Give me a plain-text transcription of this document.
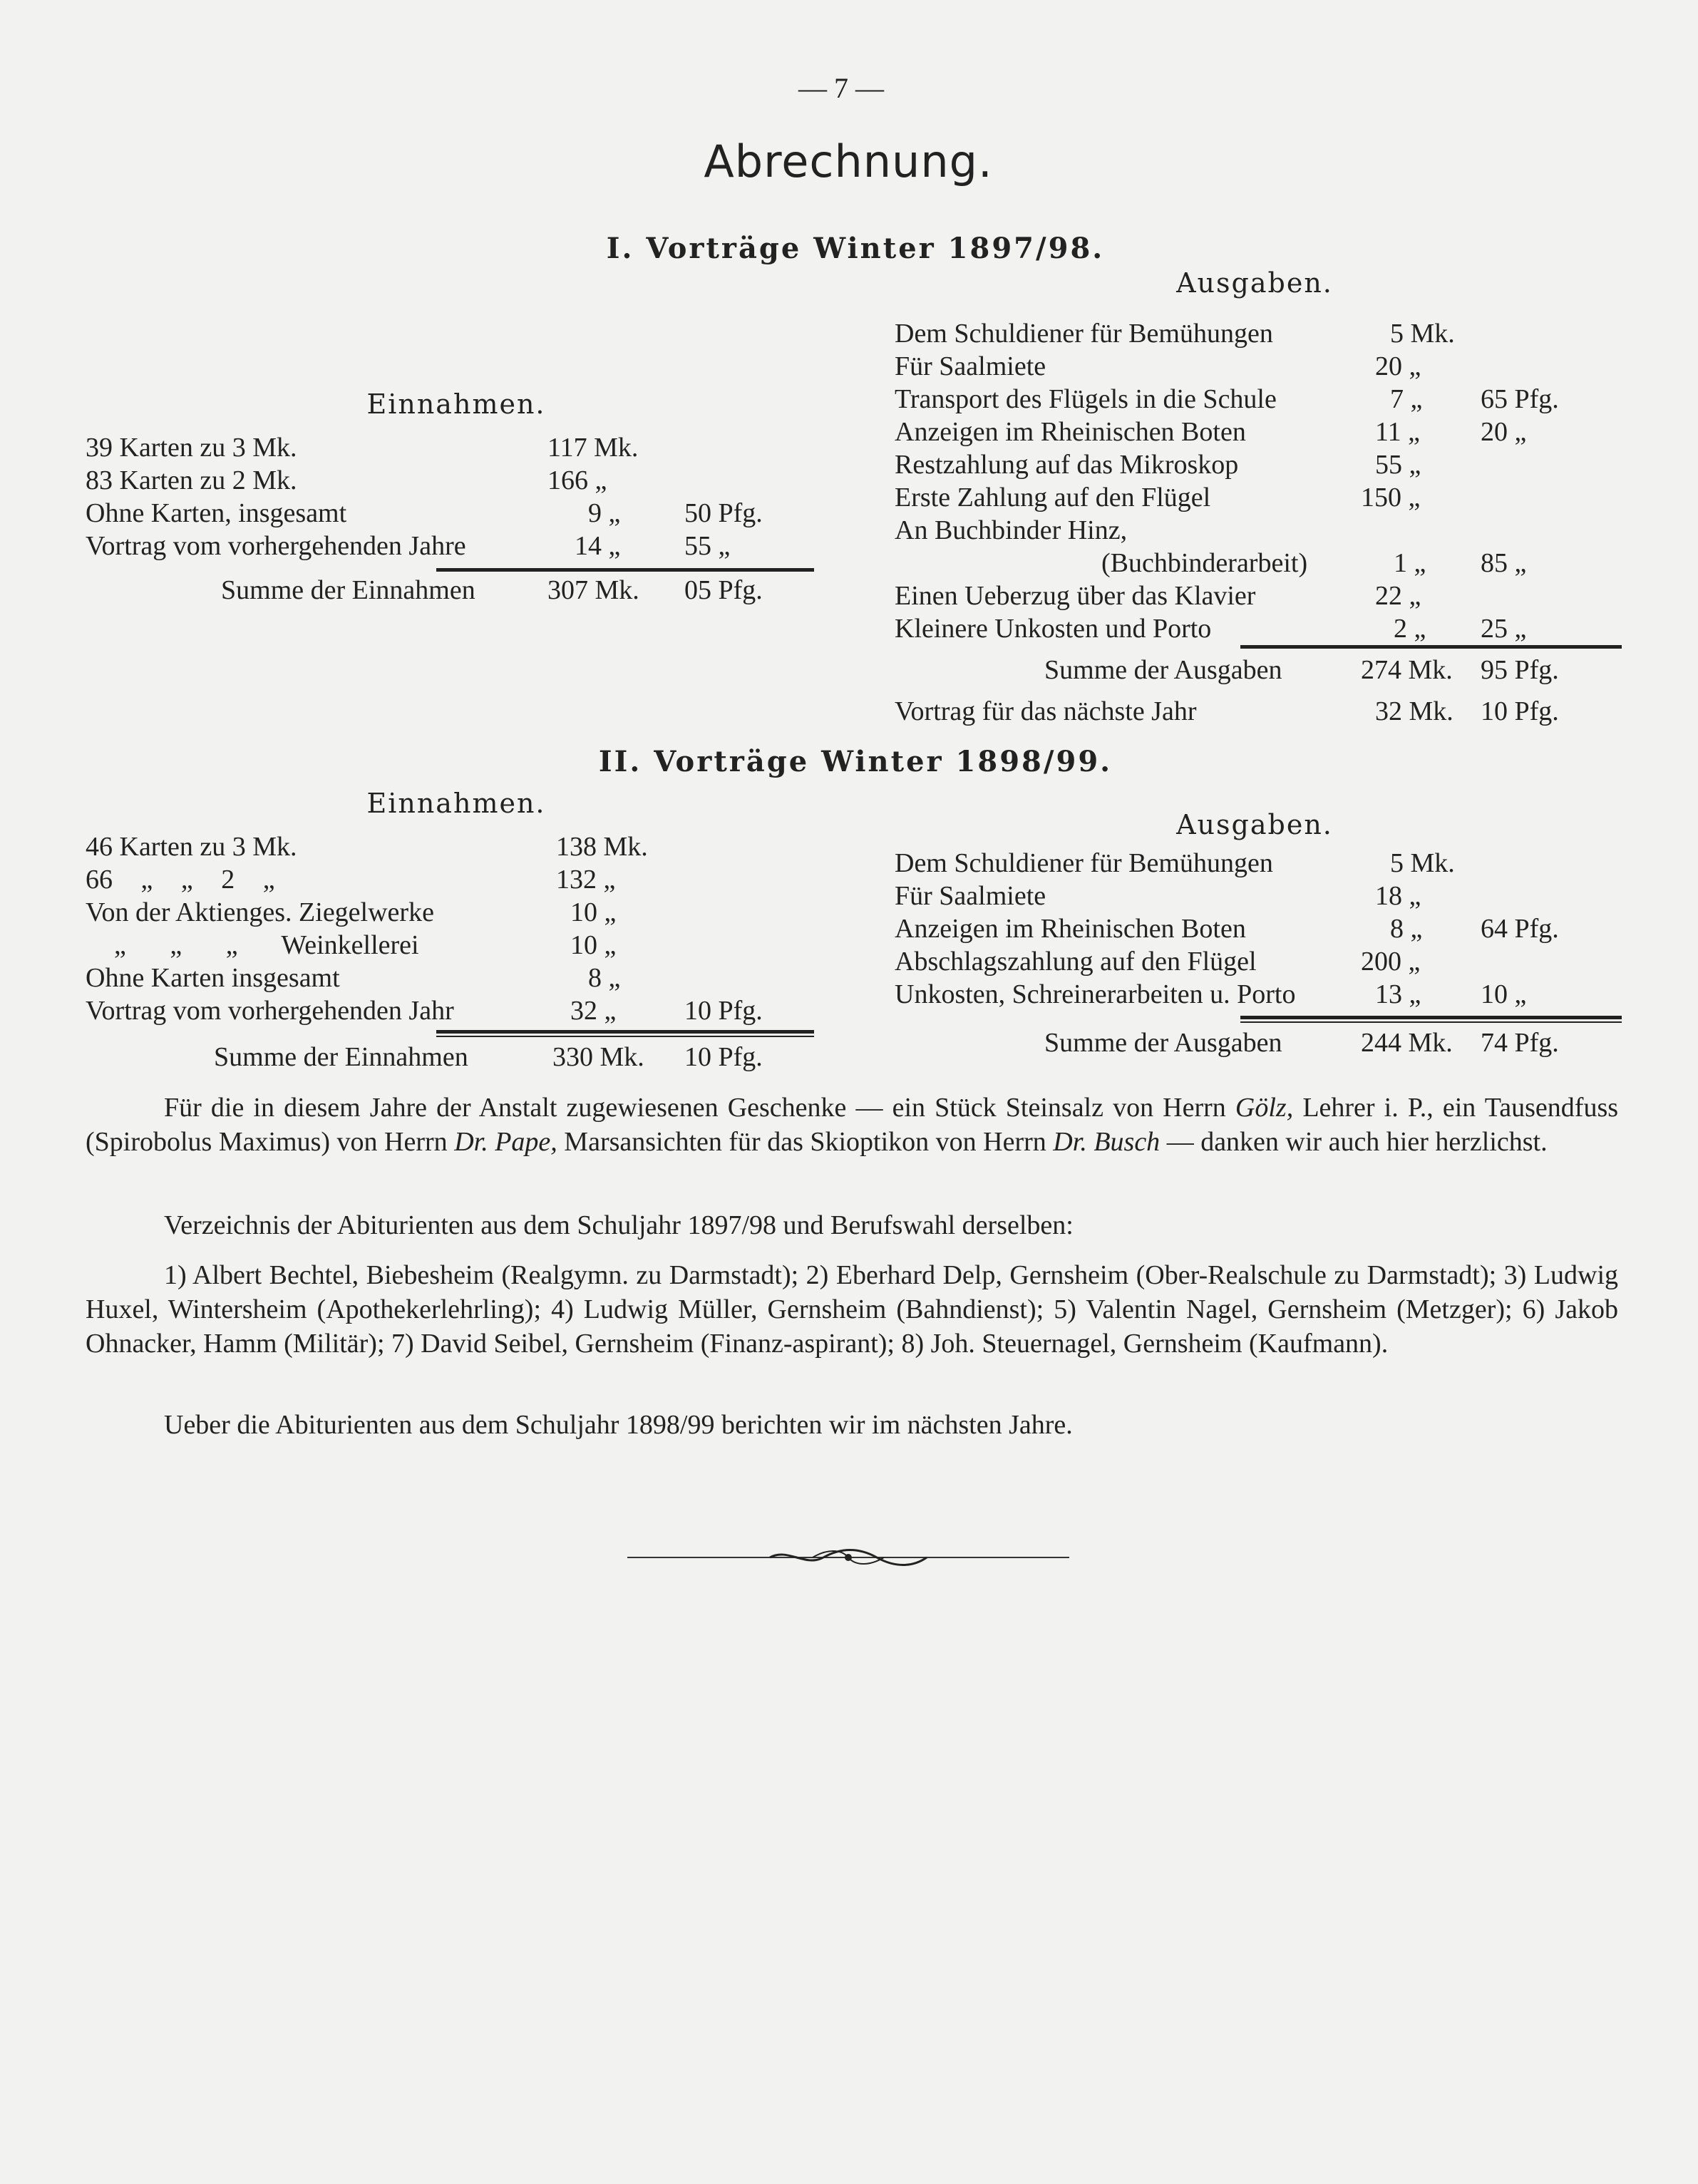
— 7 —
Abrechnung.
I. Vorträge Winter 1897/98.
Einnahmen.
Ausgaben.
39 Karten zu 3 Mk.	117 Mk.
83 Karten zu 2 Mk.	166 „
Ohne Karten, insgesamt	9 „ 50 Pfg.
Vortrag vom vorhergehenden Jahre	14 „ 55 „
Summe der Einnahmen	307 Mk. 05 Pfg.
Dem Schuldiener für Bemühungen	5 Mk.
Für Saalmiete	20 „
Transport des Flügels in die Schule	7 „ 65 Pfg.
Anzeigen im Rheinischen Boten	11 „ 20 „
Restzahlung auf das Mikroskop	55 „
Erste Zahlung auf den Flügel	150 „
An Buchbinder Hinz,
(Buchbinderarbeit)	1 „ 85 „
Einen Ueberzug über das Klavier	22 „
Kleinere Unkosten und Porto	2 „ 25 „
Summe der Ausgaben	274 Mk. 95 Pfg.
Vortrag für das nächste Jahr	32 Mk. 10 Pfg.
II. Vorträge Winter 1898/99.
Einnahmen.
Ausgaben.
46 Karten zu 3 Mk.	138 Mk.
66 „ „ 2 „	132 „
Von der Aktienges. Ziegelwerke	10 „
„ „ „ Weinkellerei	10 „
Ohne Karten insgesamt	8 „
Vortrag vom vorhergehenden Jahr	32 „	10 Pfg.
Summe der Einnahmen	330 Mk. 10 Pfg.
Dem Schuldiener für Bemühungen	5 Mk.
Für Saalmiete	18 „
Anzeigen im Rheinischen Boten	8 „ 64 Pfg.
Abschlagszahlung auf den Flügel	200 „
Unkosten, Schreinerarbeiten u. Porto	13 „ 10 „
Summe der Ausgaben	244 Mk. 74 Pfg.

Für die in diesem Jahre der Anstalt zugewiesenen Geschenke — ein Stück Steinsalz von Herrn Gölz, Lehrer i. P., ein Tausendfuss (Spirobolus Maximus) von Herrn Dr. Pape, Marsansichten für das Skioptikon von Herrn Dr. Busch — danken wir auch hier herzlichst.

Verzeichnis der Abiturienten aus dem Schuljahr 1897/98 und Berufswahl derselben:

1) Albert Bechtel, Biebesheim (Realgymn. zu Darmstadt); 2) Eberhard Delp, Gernsheim (Ober-Realschule zu Darmstadt); 3) Ludwig Huxel, Wintersheim (Apothekerlehrling); 4) Ludwig Müller, Gernsheim (Bahndienst); 5) Valentin Nagel, Gernsheim (Metzger); 6) Jakob Ohnacker, Hamm (Militär); 7) David Seibel, Gernsheim (Finanz-aspirant); 8) Joh. Steuernagel, Gernsheim (Kaufmann).

Ueber die Abiturienten aus dem Schuljahr 1898/99 berichten wir im nächsten Jahre.
